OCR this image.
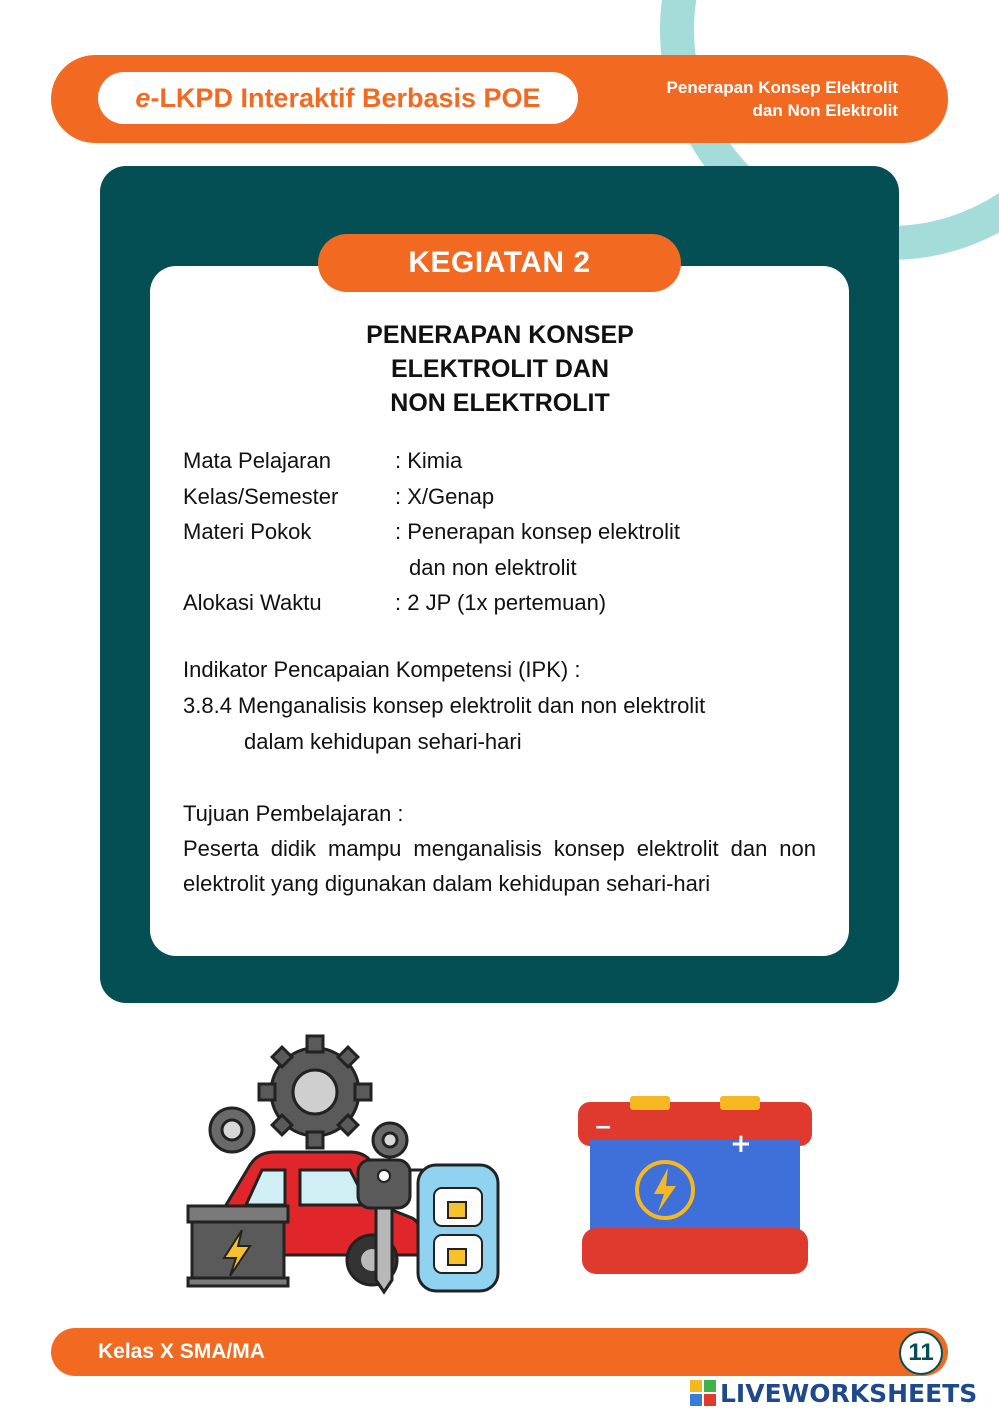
e -LKPD Interaktif Berbasis POE	Penerapan Konsep Elektrolit
dan Non Elektrolit
KEGIATAN 2
PENERAPAN KONSEP
ELEKTROLIT DAN
NON ELEKTROLIT
Mata Pelajaran	: Kimia
Kelas/Semester	: X/Genap
Materi Pokok	: Penerapan konsep elektrolit
dan non elektrolit
Alokasi Waktu	: 2 JP (1x pertemuan)
Indikator Pencapaian Kompetensi (IPK) :
3.8.4 Menganalisis konsep elektrolit dan non elektrolit
dalam kehidupan sehari-hari
Tujuan Pembelajaran :
Peserta didik mampu menganalisis konsep elektrolit dan non elektrolit yang digunakan dalam kehidupan sehari-hari
−
+
Kelas X SMA/MA	11
LIVEWORKSHEETS
